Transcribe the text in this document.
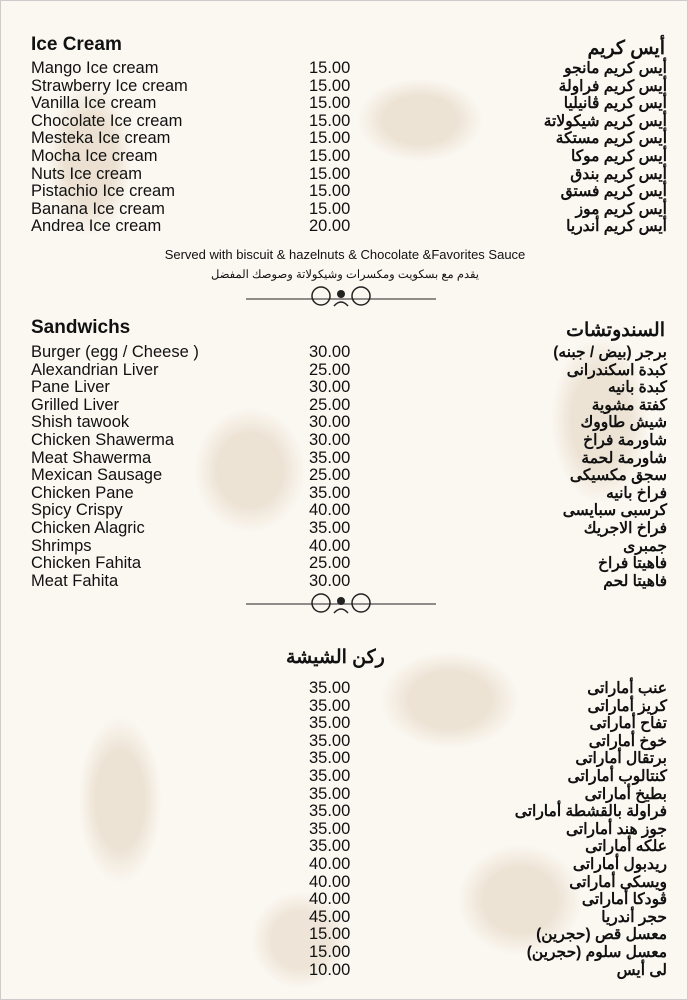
Ice Cream	أيس كريم
Mango Ice cream	15.00	أيس كريم مانجو
Strawberry Ice cream	15.00	أيس كريم فراولة
Vanilla Ice cream	15.00	أيس كريم ڤانيليا
Chocolate Ice cream	15.00	أيس كريم شيكولاتة
Mesteka Ice cream	15.00	أيس كريم مستكة
Mocha Ice cream	15.00	أيس كريم موكا
Nuts Ice cream	15.00	أيس كريم بندق
Pistachio Ice cream	15.00	أيس كريم فستق
Banana Ice cream	15.00	أيس كريم موز
Andrea Ice cream	20.00	أيس كريم أندريا
Served with biscuit & hazelnuts & Chocolate &Favorites Sauce
يقدم مع بسكويت ومكسرات وشيكولاتة وصوصك المفضل
Sandwichs	السندوتشات
Burger (egg / Cheese )	30.00	برجر (بيض / جبنه)
Alexandrian Liver	25.00	كبدة اسكندرانى
Pane Liver	30.00	كبدة بانيه
Grilled Liver	25.00	كفتة مشوية
Shish tawook	30.00	شيش طاووك
Chicken Shawerma	30.00	شاورمة فراخ
Meat Shawerma	35.00	شاورمة لحمة
Mexican Sausage	25.00	سجق مكسيكى
Chicken Pane	35.00	فراخ بانيه
Spicy Crispy	40.00	كرسبى سبايسى
Chicken Alagric	35.00	فراخ الاجريك
Shrimps	40.00	جمبرى
Chicken Fahita	25.00	فاهيتا فراخ
Meat Fahita	30.00	فاهيتا لحم
ركن الشيشة
35.00	عنب أماراتى
35.00	كريز أماراتى
35.00	تفاح أماراتى
35.00	خوخ أماراتى
35.00	برتقال أماراتى
35.00	كنتالوب أماراتى
35.00	بطيخ أماراتى
35.00	فراولة بالقشطة أماراتى
35.00	جوز هند أماراتى
35.00	علكه أماراتى
40.00	ريدبول أماراتى
40.00	ويسكى أماراتى
40.00	ڤودكا أماراتى
45.00	حجر أندريا
15.00	معسل قص (حجرين)
15.00	معسل سلوم (حجرين)
10.00	لى أيس
